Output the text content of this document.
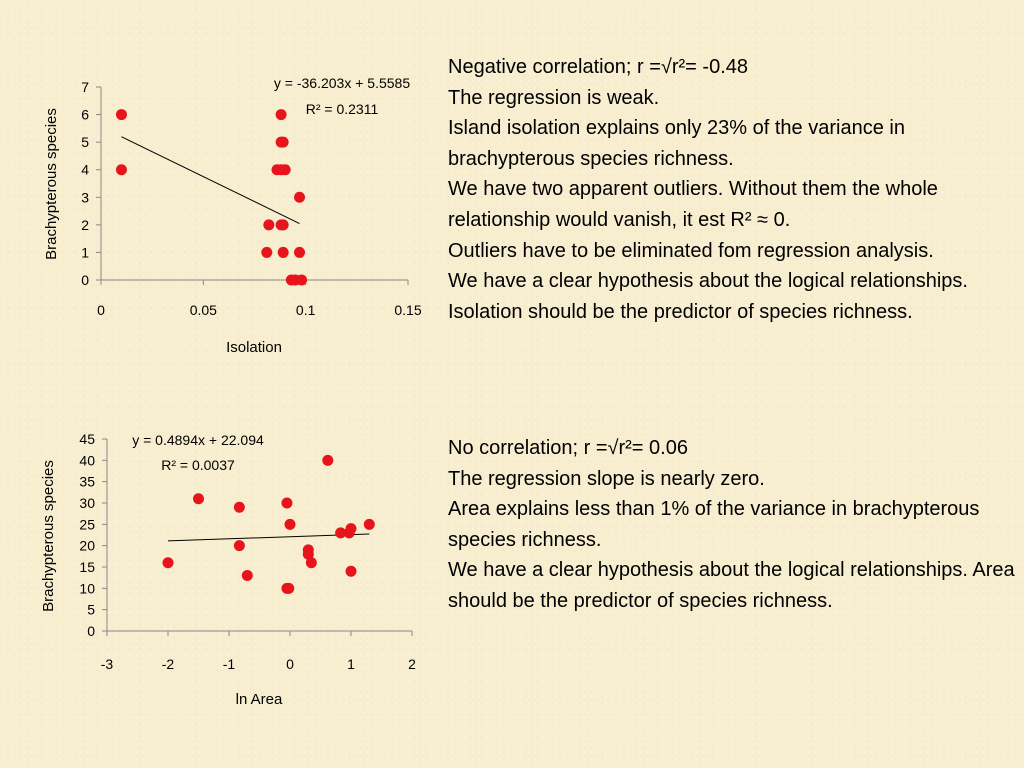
0
1
2
3
4
5
6
7
0	0.05	0.1	0.15
Brachypterous species
Isolation
y = -36.203x + 5.5585
R² = 0.2311
0
5
10
15
20
25
30
35
40
45
-3	-2	-1	0	1	2
Brachypterous species
ln Area
y = 0.4894x + 22.094
R² = 0.0037

Negative correlation; r =√r²= -0.48

The regression is weak.

Island isolation explains only 23% of the variance in brachypterous species richness.

We have two apparent outliers. Without them the whole relationship would vanish, it est R² ≈ 0.

Outliers have to be eliminated fom regression analysis.

We have a clear hypothesis about the logical relationships. Isolation should be the predictor of species richness.

No correlation; r =√r²= 0.06

The regression slope is nearly zero.

Area explains less than 1% of the variance in brachypterous species richness.

We have a clear hypothesis about the logical relationships. Area should be the predictor of species richness.
